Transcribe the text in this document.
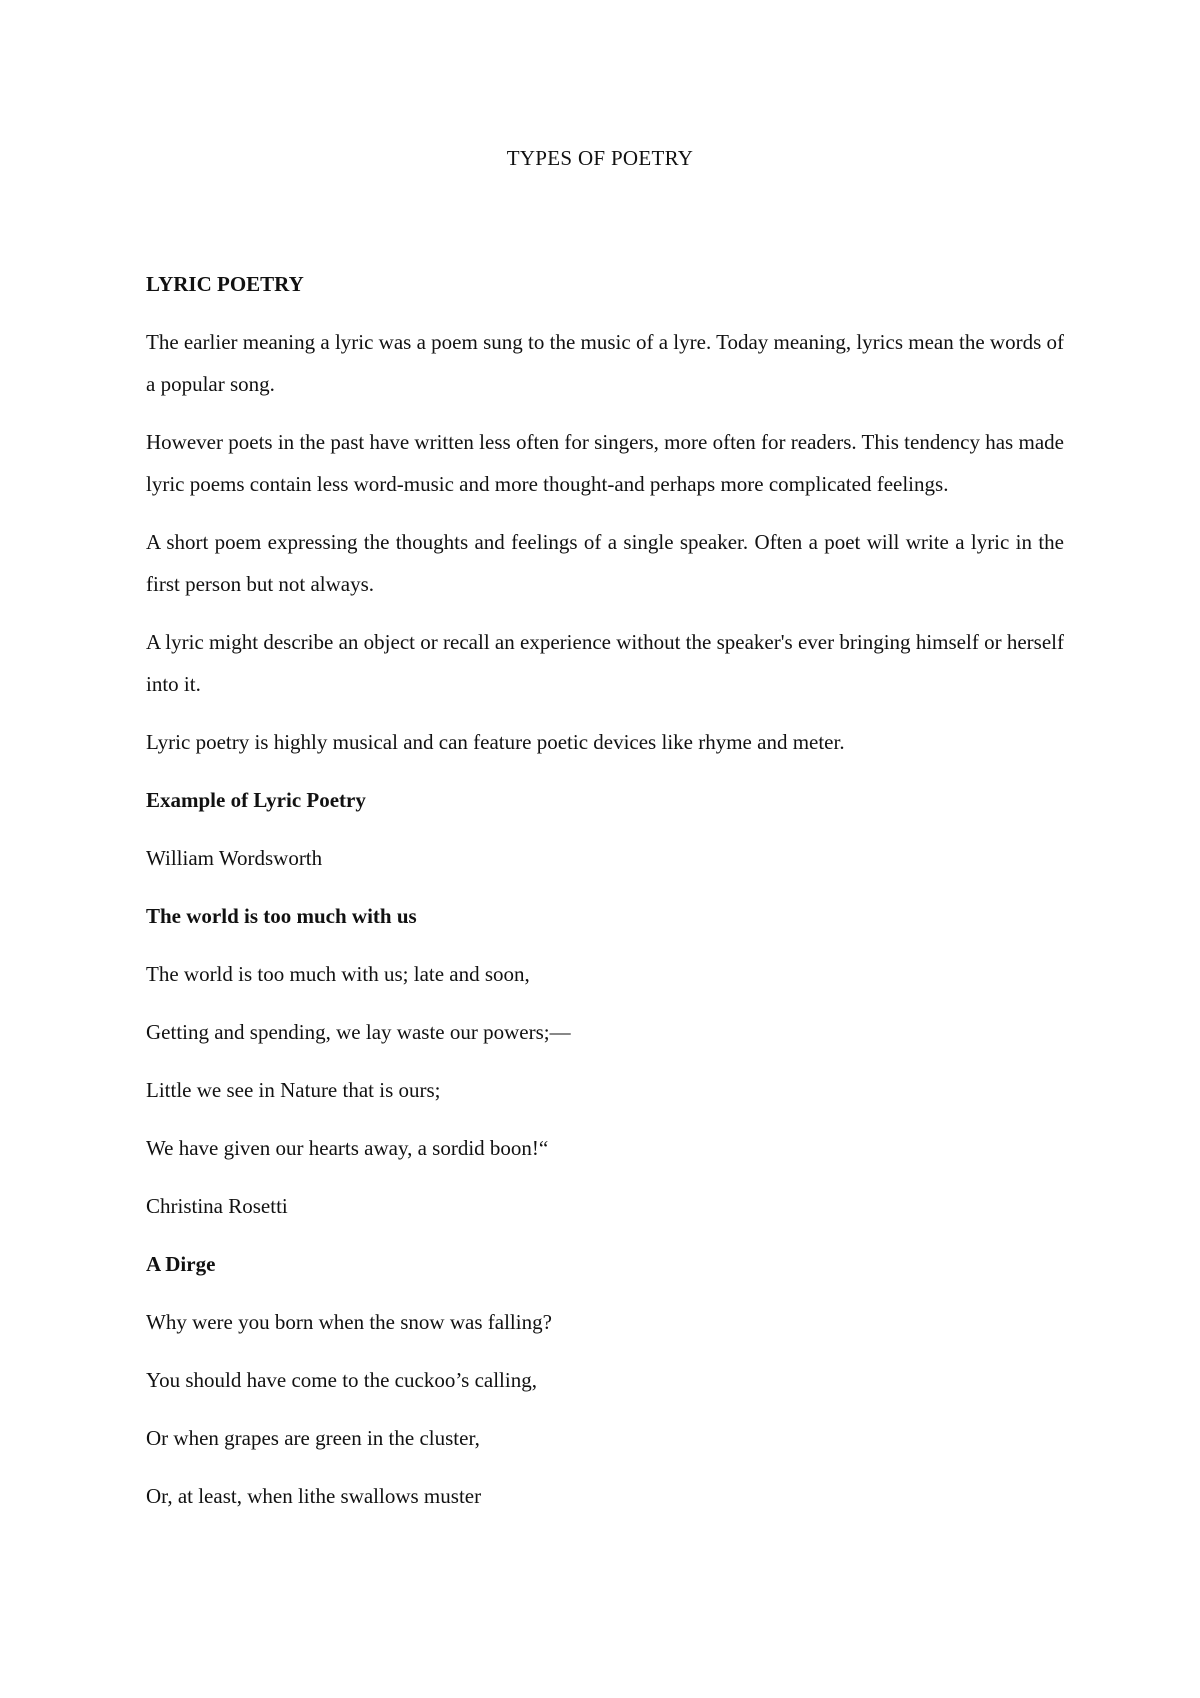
TYPES OF POETRY

LYRIC POETRY

The earlier meaning a lyric was a poem sung to the music of a lyre. Today meaning, lyrics mean the words of a popular song.

However poets in the past have written less often for singers, more often for readers. This tendency has made lyric poems contain less word-music and more thought-and perhaps more complicated feelings.

A short poem expressing the thoughts and feelings of a single speaker. Often a poet will write a lyric in the first person but not always.

A lyric might describe an object or recall an experience without the speaker's ever bringing himself or herself into it.

Lyric poetry is highly musical and can feature poetic devices like rhyme and meter.

Example of Lyric Poetry

William Wordsworth

The world is too much with us

The world is too much with us; late and soon,

Getting and spending, we lay waste our powers;—

Little we see in Nature that is ours;

We have given our hearts away, a sordid boon!“

Christina Rosetti

A Dirge

Why were you born when the snow was falling?

You should have come to the cuckoo’s calling,

Or when grapes are green in the cluster,

Or, at least, when lithe swallows muster
